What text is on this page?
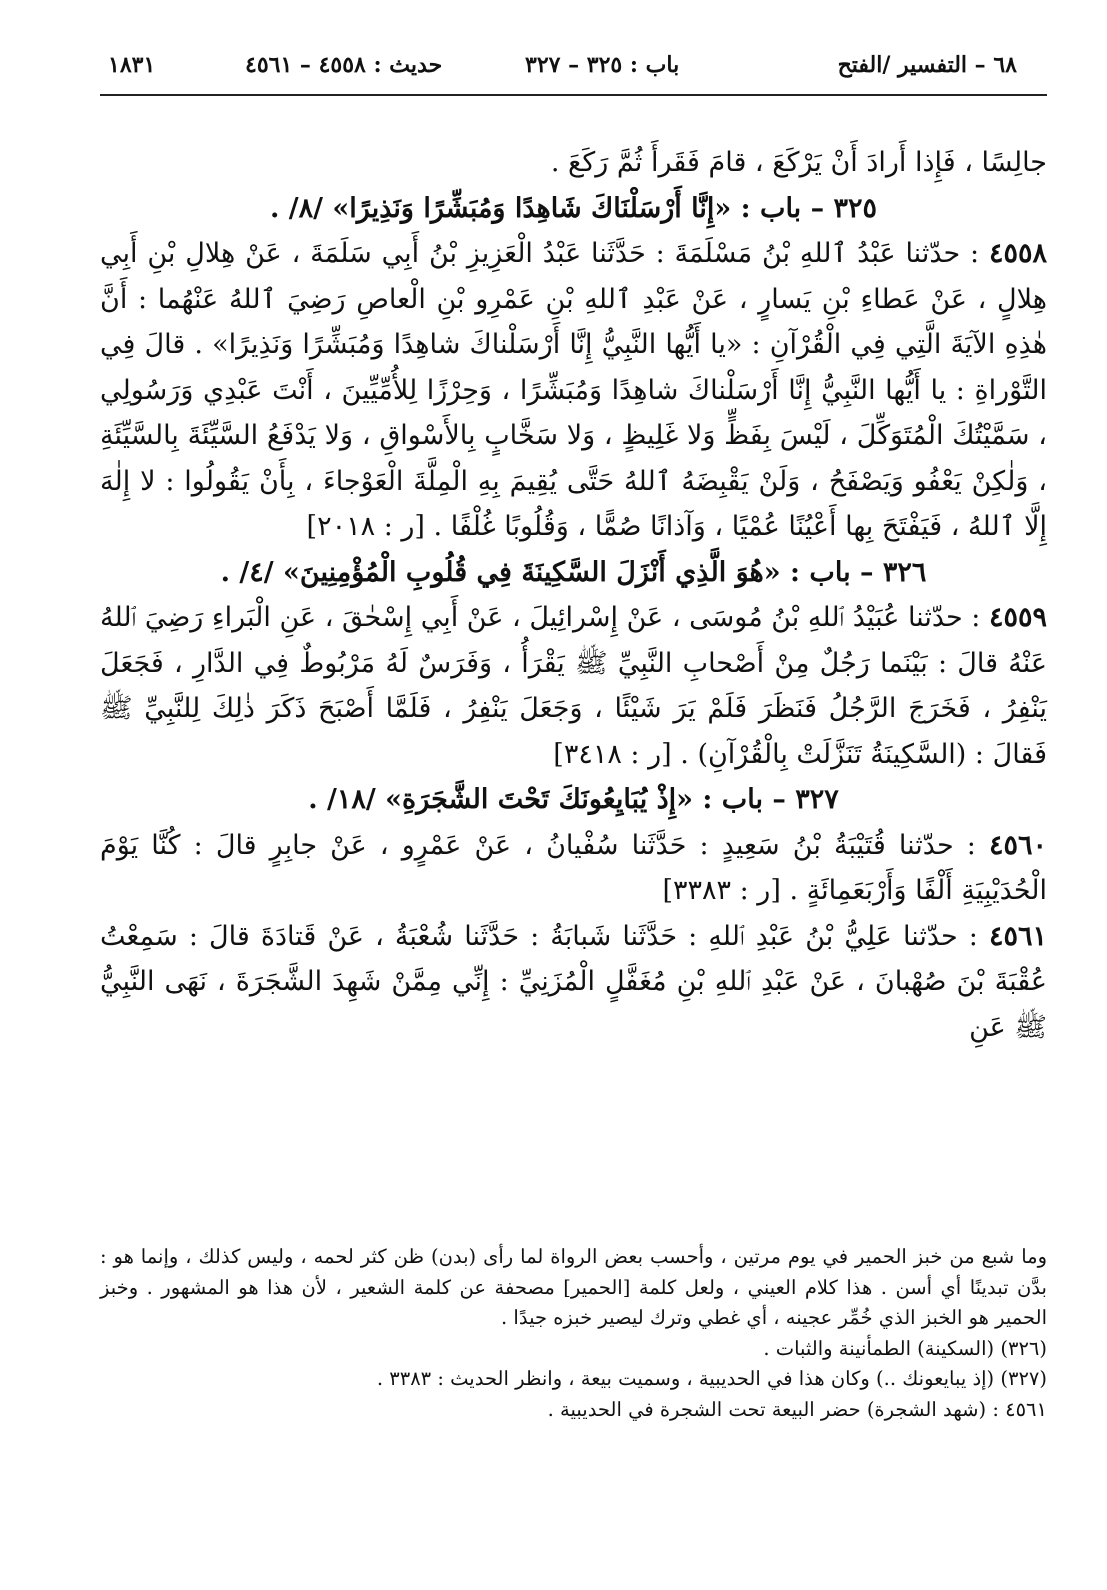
٦٨ – التفسير /الفتح
باب : ٣٢٥ – ٣٢٧
حديث : ٤٥٥٨ – ٤٥٦١
١٨٣١

جالِسًا ، فَإِذا أَرادَ أَنْ يَرْكَعَ ، قامَ فَقَرأَ ثُمَّ رَكَعَ .

٣٢٥ – باب : «إِنَّا أَرْسَلْنَاكَ شَاهِدًا وَمُبَشِّرًا وَنَذِيرًا» /٨/ .

٤٥٥٨ : حدّثنا عَبْدُ ٱللهِ بْنُ مَسْلَمَةَ : حَدَّثَنا عَبْدُ الْعَزِيزِ بْنُ أَبِي سَلَمَةَ ، عَنْ هِلالِ بْنِ أَبِي هِلالٍ ، عَنْ عَطاءِ بْنِ يَسارٍ ، عَنْ عَبْدِ ٱللهِ بْنِ عَمْرِو بْنِ الْعاصِ رَضِيَ ٱللهُ عَنْهُما : أَنَّ هٰذِهِ الآيَةَ الَّتِي فِي الْقُرْآنِ : «يا أَيُّها النَّبِيُّ إِنَّا أَرْسَلْناكَ شاهِدًا وَمُبَشِّرًا وَنَذِيرًا» . قالَ فِي التَّوْراةِ : يا أَيُّها النَّبِيُّ إِنَّا أَرْسَلْناكَ شاهِدًا وَمُبَشِّرًا ، وَحِرْزًا لِلأُمِّيِّينَ ، أَنْتَ عَبْدِي وَرَسُولِي ، سَمَّيْتُكَ الْمُتَوَكِّلَ ، لَيْسَ بِفَظٍّ وَلا غَلِيظٍ ، وَلا سَخَّابٍ بِالأَسْواقِ ، وَلا يَدْفَعُ السَّيِّئَةَ بِالسَّيِّئَةِ ، وَلٰكِنْ يَعْفُو وَيَصْفَحُ ، وَلَنْ يَقْبِضَهُ ٱللهُ حَتَّى يُقِيمَ بِهِ الْمِلَّةَ الْعَوْجاءَ ، بِأَنْ يَقُولُوا : لا إِلٰهَ إِلَّا ٱللهُ ، فَيَفْتَحَ بِها أَعْيُنًا عُمْيًا ، وَآذانًا صُمًّا ، وَقُلُوبًا غُلْفًا . [ر : ٢٠١٨]

٣٢٦ – باب : «هُوَ الَّذِي أَنْزَلَ السَّكِينَةَ فِي قُلُوبِ الْمُؤْمِنِينَ» /٤/ .

٤٥٥٩ : حدّثنا عُبَيْدُ ٱللهِ بْنُ مُوسَى ، عَنْ إِسْرائِيلَ ، عَنْ أَبِي إِسْحٰقَ ، عَنِ الْبَراءِ رَضِيَ ٱللهُ عَنْهُ قالَ : بَيْنَما رَجُلٌ مِنْ أَصْحابِ النَّبِيِّ ﷺ يَقْرَأُ ، وَفَرَسٌ لَهُ مَرْبُوطٌ فِي الدَّارِ ، فَجَعَلَ يَنْفِرُ ، فَخَرَجَ الرَّجُلُ فَنَظَرَ فَلَمْ يَرَ شَيْئًا ، وَجَعَلَ يَنْفِرُ ، فَلَمَّا أَصْبَحَ ذَكَرَ ذٰلِكَ لِلنَّبِيِّ ﷺ فَقالَ : (السَّكِينَةُ تَنَزَّلَتْ بِالْقُرْآنِ) . [ر : ٣٤١٨]

٣٢٧ – باب : «إِذْ يُبَايِعُونَكَ تَحْتَ الشَّجَرَةِ» /١٨/ .

٤٥٦٠ : حدّثنا قُتَيْبَةُ بْنُ سَعِيدٍ : حَدَّثَنا سُفْيانُ ، عَنْ عَمْرٍو ، عَنْ جابِرٍ قالَ : كُنَّا يَوْمَ الْحُدَيْبِيَةِ أَلْفًا وَأَرْبَعَمِائَةٍ . [ر : ٣٣٨٣]

٤٥٦١ : حدّثنا عَلِيُّ بْنُ عَبْدِ ٱللهِ : حَدَّثَنا شَبابَةُ : حَدَّثَنا شُعْبَةُ ، عَنْ قَتادَةَ قالَ : سَمِعْتُ عُقْبَةَ بْنَ صُهْبانَ ، عَنْ عَبْدِ ٱللهِ بْنِ مُغَفَّلٍ الْمُزَنِيِّ : إِنِّي مِمَّنْ شَهِدَ الشَّجَرَةَ ، نَهَى النَّبِيُّ ﷺ عَنِ

وما شبع من خبز الحمير في يوم مرتين ، وأحسب بعض الرواة لما رأى (بدن) ظن كثر لحمه ، وليس كذلك ، وإنما هو : بدَّن تبدينًا أي أسن . هذا كلام العيني ، ولعل كلمة [الحمير] مصحفة عن كلمة الشعير ، لأن هذا هو المشهور . وخبز الحمير هو الخبز الذي خُمِّر عجينه ، أي غطي وترك ليصير خبزه جيدًا .

(٣٢٦) (السكينة) الطمأنينة والثبات .

(٣٢٧) (إذ يبايعونك ..) وكان هذا في الحديبية ، وسميت بيعة ، وانظر الحديث : ٣٣٨٣ .

٤٥٦١ : (شهد الشجرة) حضر البيعة تحت الشجرة في الحديبية .
